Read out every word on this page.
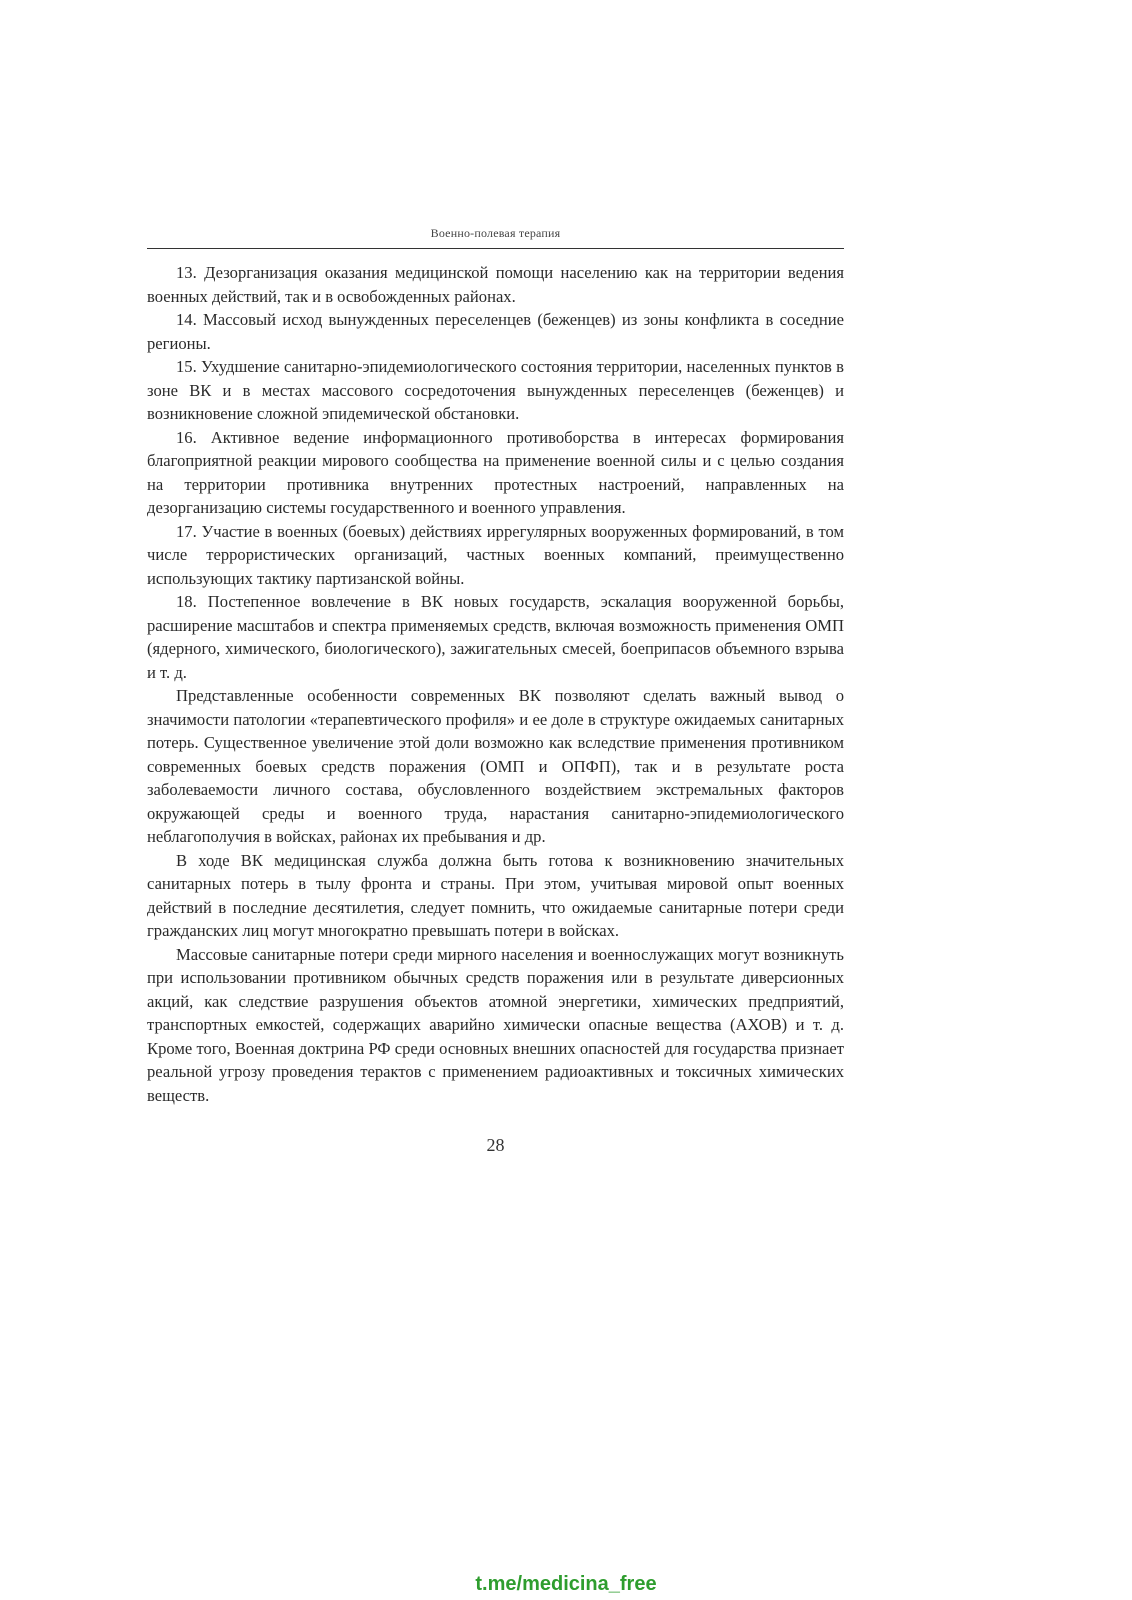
Военно-полевая терапия

13. Дезорганизация оказания медицинской помощи населению как на территории ведения военных действий, так и в освобожденных районах.

14. Массовый исход вынужденных переселенцев (беженцев) из зоны конфликта в соседние регионы.

15. Ухудшение санитарно-эпидемиологического состояния территории, населенных пунктов в зоне ВК и в местах массового сосредоточения вынужденных переселенцев (беженцев) и возникновение сложной эпидемической обстановки.

16. Активное ведение информационного противоборства в интересах формирования благоприятной реакции мирового сообщества на применение военной силы и с целью создания на территории противника внутренних протестных настроений, направленных на дезорганизацию системы государственного и военного управления.

17. Участие в военных (боевых) действиях иррегулярных вооруженных формирований, в том числе террористических организаций, частных военных компаний, преимущественно использующих тактику партизанской войны.

18. Постепенное вовлечение в ВК новых государств, эскалация вооруженной борьбы, расширение масштабов и спектра применяемых средств, включая возможность применения ОМП (ядерного, химического, биологического), зажигательных смесей, боеприпасов объемного взрыва и т. д.

Представленные особенности современных ВК позволяют сделать важный вывод о значимости патологии «терапевтического профиля» и ее доле в структуре ожидаемых санитарных потерь. Существенное увеличение этой доли возможно как вследствие применения противником современных боевых средств поражения (ОМП и ОПФП), так и в результате роста заболеваемости личного состава, обусловленного воздействием экстремальных факторов окружающей среды и военного труда, нарастания санитарно-эпидемиологического неблагополучия в войсках, районах их пребывания и др.

В ходе ВК медицинская служба должна быть готова к возникновению значительных санитарных потерь в тылу фронта и страны. При этом, учитывая мировой опыт военных действий в последние десятилетия, следует помнить, что ожидаемые санитарные потери среди гражданских лиц могут многократно превышать потери в войсках.

Массовые санитарные потери среди мирного населения и военнослужащих могут возникнуть при использовании противником обычных средств поражения или в результате диверсионных акций, как следствие разрушения объектов атомной энергетики, химических предприятий, транспортных емкостей, содержащих аварийно химически опасные вещества (АХОВ) и т. д. Кроме того, Военная доктрина РФ среди основных внешних опасностей для государства признает реальной угрозу проведения терактов с применением радиоактивных и токсичных химических веществ.

28
t.me/medicina_free
